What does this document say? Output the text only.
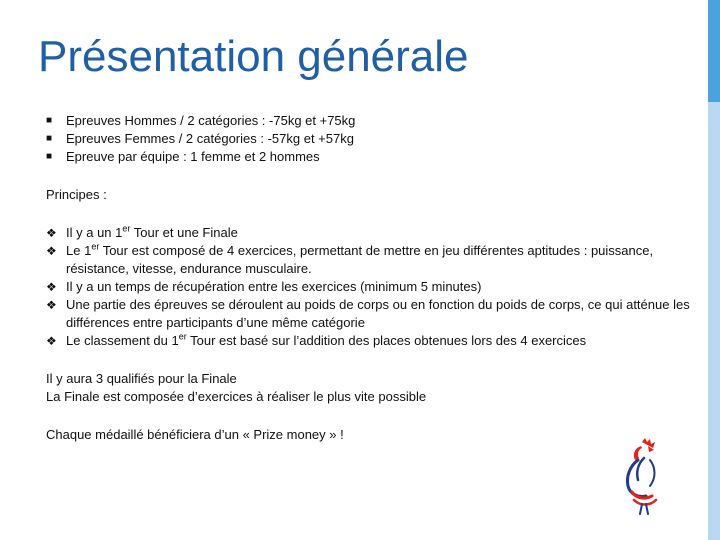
Présentation générale
■	Epreuves Hommes / 2 catégories : -75kg et +75kg
■	Epreuves Femmes / 2 catégories : -57kg et +57kg
■	Epreuve par équipe : 1 femme et 2 hommes

Principes :

❖ Il y a un 1er Tour et une Finale
❖ Le 1er Tour est composé de 4 exercices, permettant de mettre en jeu différentes aptitudes : puissance, résistance, vitesse, endurance musculaire.
❖ Il y a un temps de récupération entre les exercices (minimum 5 minutes)
❖ Une partie des épreuves se déroulent au poids de corps ou en fonction du poids de corps, ce qui atténue les différences entre participants d’une même catégorie
❖ Le classement du 1er Tour est basé sur l’addition des places obtenues lors des 4 exercices

Il y aura 3 qualifiés pour la Finale

La Finale est composée d’exercices à réaliser le plus vite possible

Chaque médaillé bénéficiera d’un « Prize money » !
